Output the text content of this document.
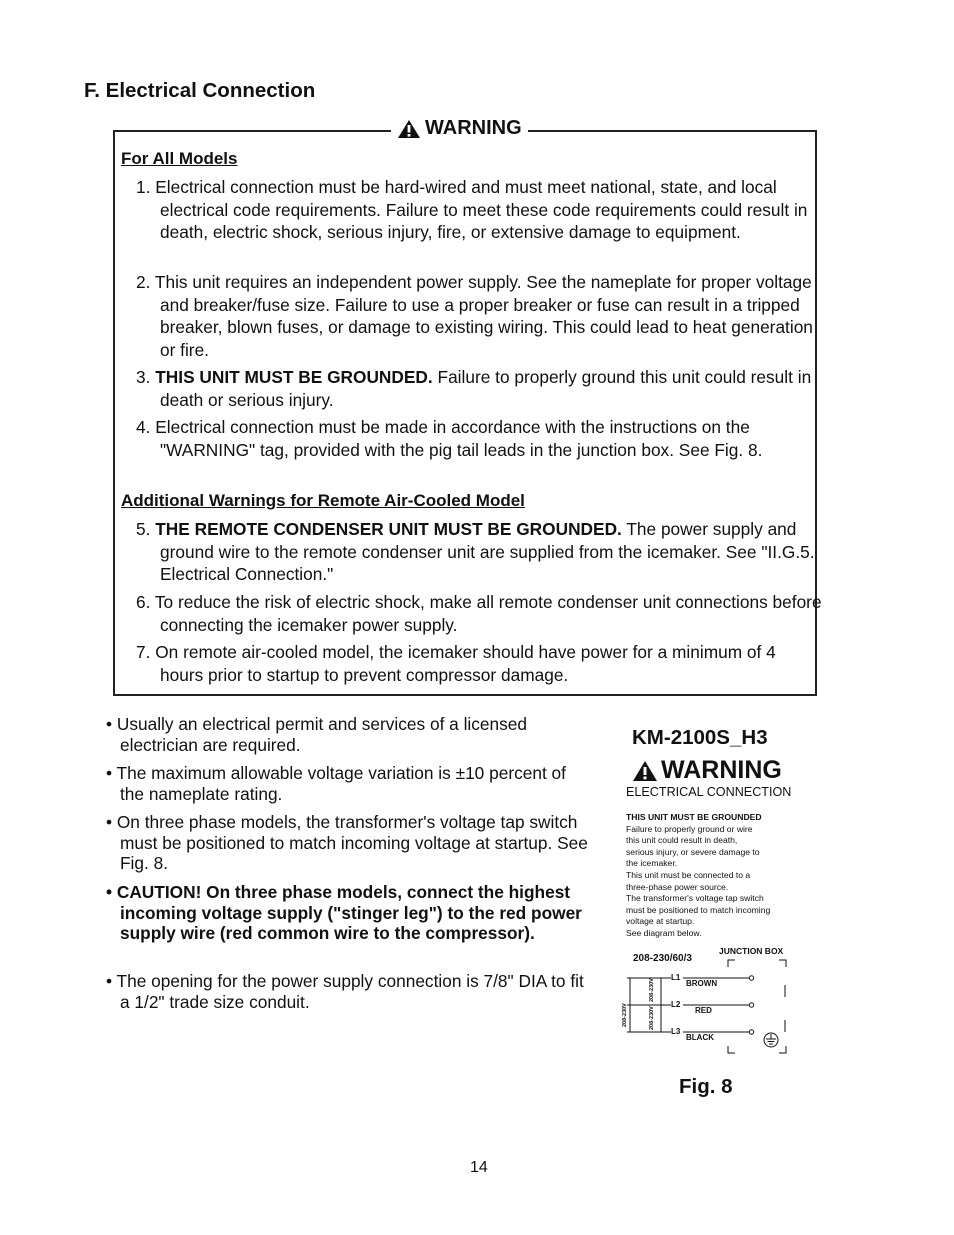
F. Electrical Connection
WARNING
For All Models
1. Electrical connection must be hard-wired and must meet national, state, and local electrical code requirements. Failure to meet these code requirements could result in death, electric shock, serious injury, fire, or extensive damage to equipment.
2. This unit requires an independent power supply. See the nameplate for proper voltage and breaker/fuse size. Failure to use a proper breaker or fuse can result in a tripped breaker, blown fuses, or damage to existing wiring. This could lead to heat generation or fire.
3. THIS UNIT MUST BE GROUNDED. Failure to properly ground this unit could result in death or serious injury.
4. Electrical connection must be made in accordance with the instructions on the "WARNING" tag, provided with the pig tail leads in the junction box. See Fig. 8.
Additional Warnings for Remote Air-Cooled Model
5. THE REMOTE CONDENSER UNIT MUST BE GROUNDED. The power supply and ground wire to the remote condenser unit are supplied from the icemaker. See "II.G.5. Electrical Connection."
6. To reduce the risk of electric shock, make all remote condenser unit connections before connecting the icemaker power supply.
7. On remote air-cooled model, the icemaker should have power for a minimum of 4 hours prior to startup to prevent compressor damage.
• Usually an electrical permit and services of a licensed electrician are required.
• The maximum allowable voltage variation is ±10 percent of the nameplate rating.
• On three phase models, the transformer's voltage tap switch must be positioned to match incoming voltage at startup. See Fig. 8.
• CAUTION! On three phase models, connect the highest incoming voltage supply ("stinger leg") to the red power supply wire (red common wire to the compressor).
• The opening for the power supply connection is 7/8" DIA to fit a 1/2" trade size conduit.
KM-2100S_H3
WARNING
ELECTRICAL CONNECTION
THIS UNIT MUST BE GROUNDED
Failure to properly ground or wire
this unit could result in death,
serious injury, or severe damage to
the icemaker.
This unit must be connected to a
three-phase power source.
The transformer's voltage tap switch
must be positioned to match incoming
voltage at startup.
See diagram below.
208-230/60/3
JUNCTION BOX
L1
L2
L3
BROWN
RED
BLACK
208-230V
208-230V
208-230V
Fig. 8
14
